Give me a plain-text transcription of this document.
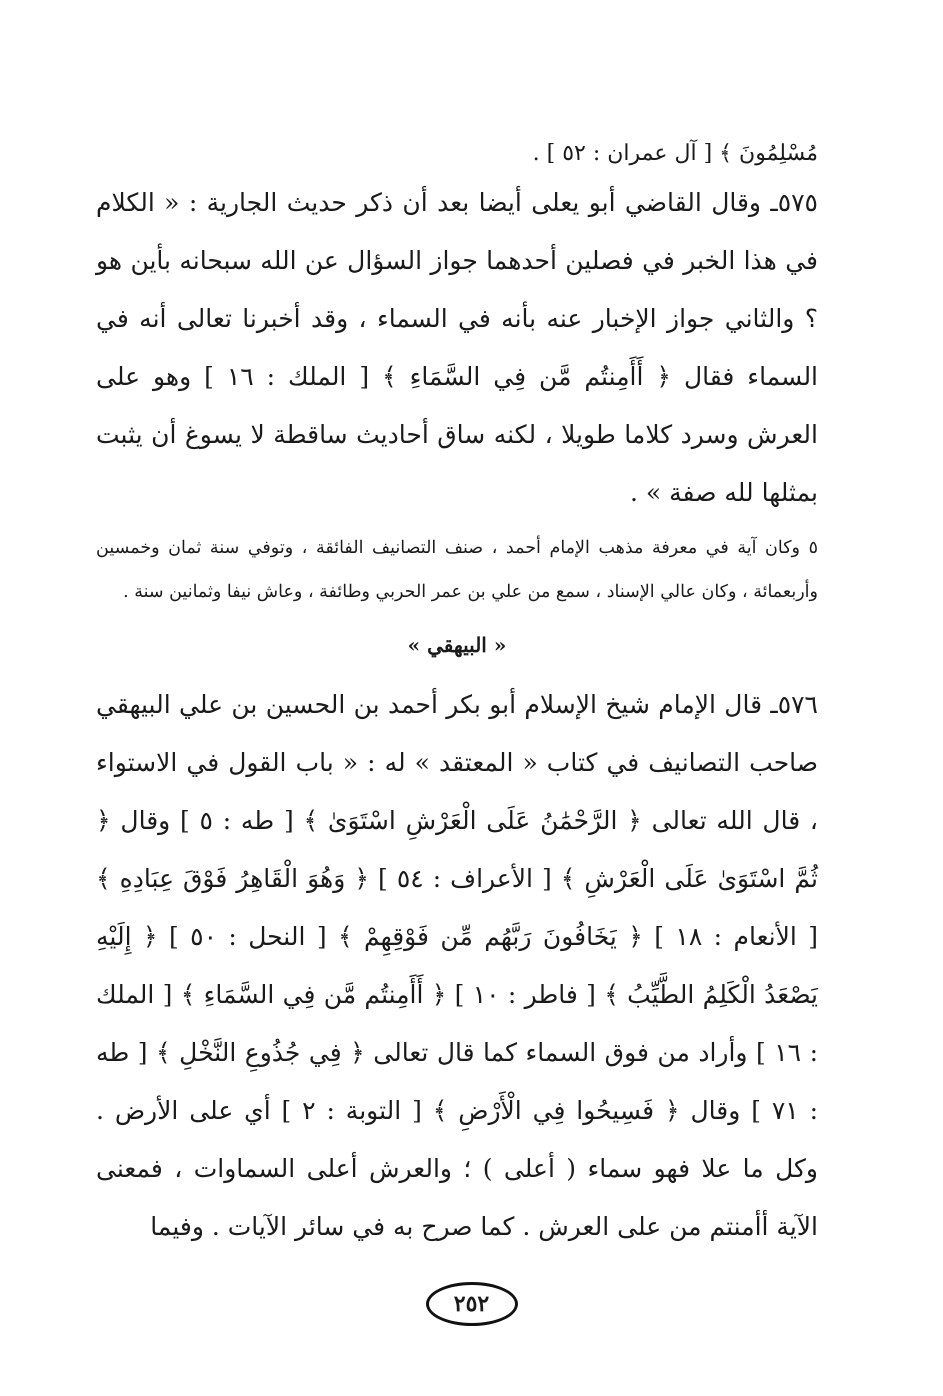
مُسْلِمُونَ ﴾ [ آل عمران : ٥٢ ] .

٥٧٥ـ وقال القاضي أبو يعلى أيضا بعد أن ذكر حديث الجارية : « الكلام في هذا الخبر في فصلين أحدهما جواز السؤال عن الله سبحانه بأين هو ؟ والثاني جواز الإخبار عنه بأنه في السماء ، وقد أخبرنا تعالى أنه في السماء فقال ﴿ أَأَمِنتُم مَّن فِي السَّمَاءِ ﴾ [ الملك : ١٦ ] وهو على العرش وسرد كلاما طويلا ، لكنه ساق أحاديث ساقطة لا يسوغ أن يثبت بمثلها لله صفة » .

٥ وكان آية في معرفة مذهب الإمام أحمد ، صنف التصانيف الفائقة ، وتوفي سنة ثمان وخمسين وأربعمائة ، وكان عالي الإسناد ، سمع من علي بن عمر الحربي وطائفة ، وعاش نيفا وثمانين سنة .

« البيهقي »

٥٧٦ـ قال الإمام شيخ الإسلام أبو بكر أحمد بن الحسين بن علي البيهقي صاحب التصانيف في كتاب « المعتقد » له : « باب القول في الاستواء ، قال الله تعالى ﴿ الرَّحْمَٰنُ عَلَى الْعَرْشِ اسْتَوَىٰ ﴾ [ طه : ٥ ] وقال ﴿ ثُمَّ اسْتَوَىٰ عَلَى الْعَرْشِ ﴾ [ الأعراف : ٥٤ ] ﴿ وَهُوَ الْقَاهِرُ فَوْقَ عِبَادِهِ ﴾ [ الأنعام : ١٨ ] ﴿ يَخَافُونَ رَبَّهُم مِّن فَوْقِهِمْ ﴾ [ النحل : ٥٠ ] ﴿ إِلَيْهِ يَصْعَدُ الْكَلِمُ الطَّيِّبُ ﴾ [ فاطر : ١٠ ] ﴿ أَأَمِنتُم مَّن فِي السَّمَاءِ ﴾ [ الملك : ١٦ ] وأراد من فوق السماء كما قال تعالى ﴿ فِي جُذُوعِ النَّخْلِ ﴾ [ طه : ٧١ ] وقال ﴿ فَسِيحُوا فِي الْأَرْضِ ﴾ [ التوبة : ٢ ] أي على الأرض . وكل ما علا فهو سماء ( أعلى ) ؛ والعرش أعلى السماوات ، فمعنى الآية أأمنتم من على العرش . كما صرح به في سائر الآيات . وفيما

٢٥٢
